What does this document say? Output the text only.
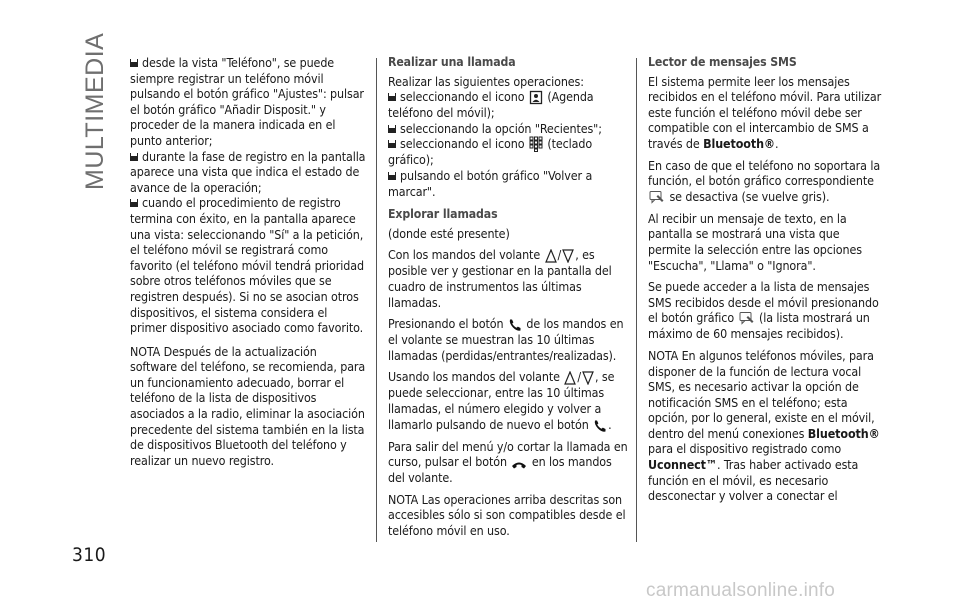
MULTIMEDIA	desde la vista "Teléfono", se puede siempre registrar un teléfono móvil pulsando el botón gráfico "Ajustes": pulsar el botón gráfico "Añadir Disposit." y proceder de la manera indicada en el punto anterior;

durante la fase de registro en la pantalla aparece una vista que indica el estado de avance de la operación;

cuando el procedimiento de registro termina con éxito, en la pantalla aparece una vista: seleccionando "Sí" a la petición, el teléfono móvil se registrará como favorito (el teléfono móvil tendrá prioridad sobre otros teléfonos móviles que se registren después). Si no se asocian otros dispositivos, el sistema considera el primer dispositivo asociado como favorito.

NOTA Después de la actualización software del teléfono, se recomienda, para un funcionamiento adecuado, borrar el teléfono de la lista de dispositivos asociados a la radio, eliminar la asociación precedente del sistema también en la lista de dispositivos Bluetooth del teléfono y realizar un nuevo registro.

Realizar una llamada

Realizar las siguientes operaciones:

seleccionando el icono (Agenda teléfono del móvil);

seleccionando la opción "Recientes";

seleccionando el icono (teclado gráfico);

pulsando el botón gráfico "Volver a marcar".

Explorar llamadas

(donde esté presente)

Con los mandos del volante / , es posible ver y gestionar en la pantalla del cuadro de instrumentos las últimas llamadas.

Presionando el botón de los mandos en el volante se muestran las 10 últimas llamadas (perdidas/entrantes/realizadas).

Usando los mandos del volante / , se puede seleccionar, entre las 10 últimas llamadas, el número elegido y volver a llamarlo pulsando de nuevo el botón .

Para salir del menú y/o cortar la llamada en curso, pulsar el botón en los mandos del volante.

NOTA Las operaciones arriba descritas son accesibles sólo si son compatibles desde el teléfono móvil en uso.

Lector de mensajes SMS

El sistema permite leer los mensajes recibidos en el teléfono móvil. Para utilizar este función el teléfono móvil debe ser compatible con el intercambio de SMS a través de Bluetooth®.

En caso de que el teléfono no soportara la función, el botón gráfico correspondiente  se desactiva (se vuelve gris).

Al recibir un mensaje de texto, en la pantalla se mostrará una vista que permite la selección entre las opciones "Escucha", "Llama" o "Ignora".

Se puede acceder a la lista de mensajes SMS recibidos desde el móvil presionando el botón gráfico (la lista mostrará un máximo de 60 mensajes recibidos).

NOTA En algunos teléfonos móviles, para disponer de la función de lectura vocal SMS, es necesario activar la opción de notificación SMS en el teléfono; esta opción, por lo general, existe en el móvil, dentro del menú conexiones Bluetooth® para el dispositivo registrado como Uconnect™. Tras haber activado esta función en el móvil, es necesario desconectar y volver a conectar el

310
carmanualsonline.info
